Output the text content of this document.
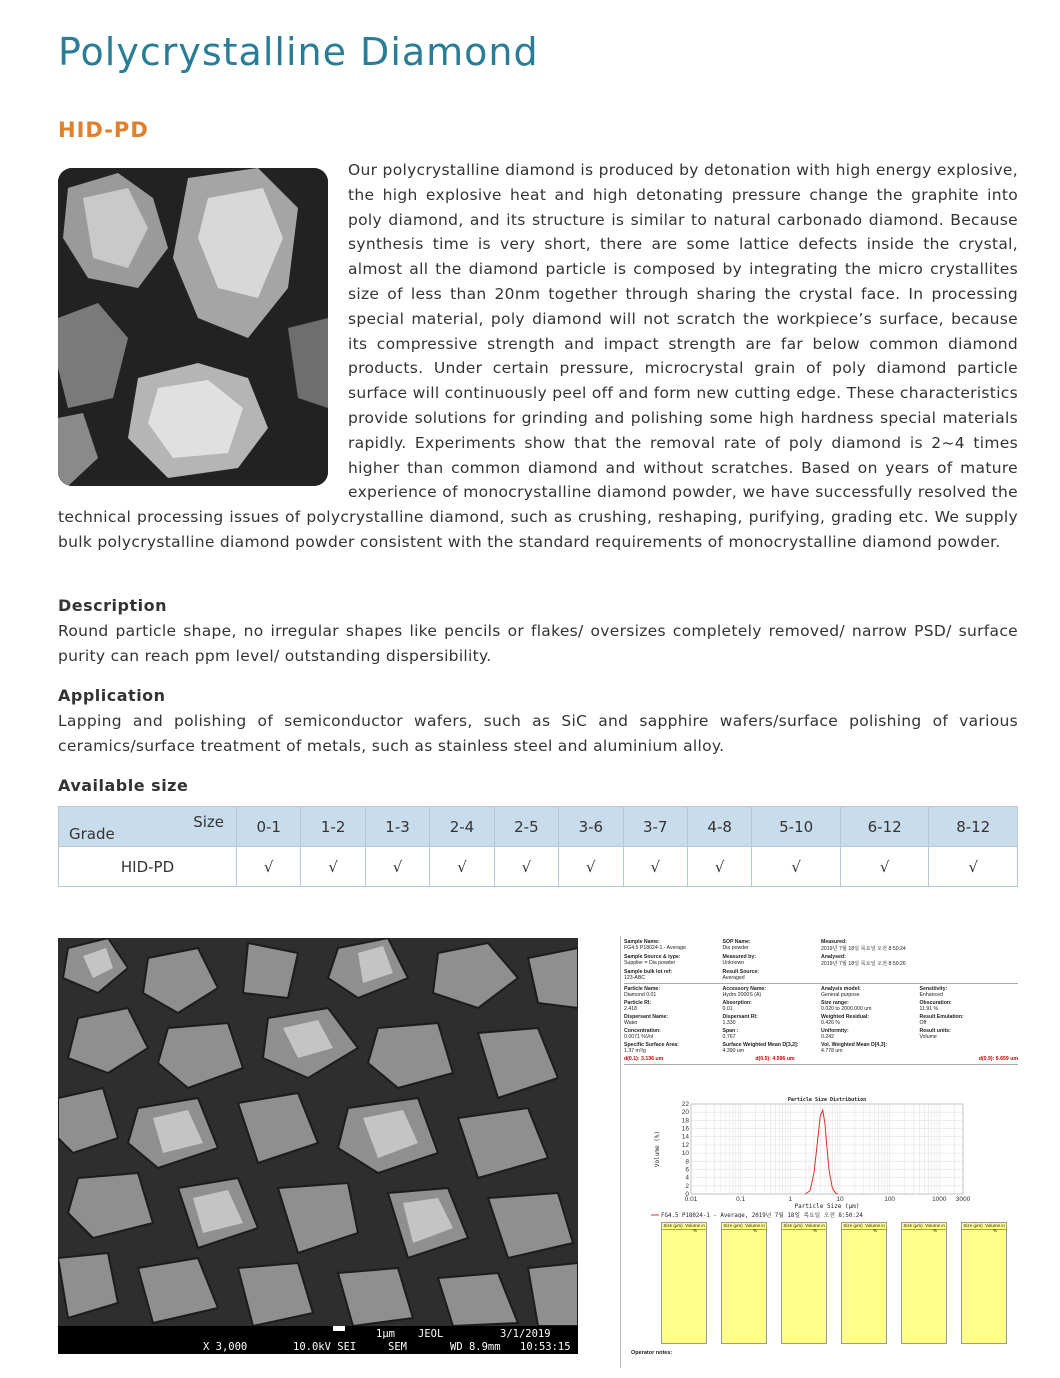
Polycrystalline Diamond
HID-PD
Our polycrystalline diamond is produced by detonation with high energy explosive, the high explosive heat and high detonating pressure change the graphite into poly diamond, and its structure is similar to natural carbonado diamond. Because synthesis time is very short, there are some lattice defects inside the crystal, almost all the diamond particle is composed by integrating the micro crystallites size of less than 20nm together through sharing the crystal face. In processing special material, poly diamond will not scratch the workpiece’s surface, because its compressive strength and impact strength are far below common diamond products. Under certain pressure, microcrystal grain of poly diamond particle surface will continuously peel off and form new cutting edge. These characteristics provide solutions for grinding and polishing some high hardness special materials rapidly. Experiments show that the removal rate of poly diamond is 2~4 times higher than common diamond and without scratches. Based on years of mature experience of monocrystalline diamond powder, we have successfully resolved the technical processing issues of polycrystalline diamond, such as crushing, reshaping, purifying, grading etc. We supply bulk polycrystalline diamond powder consistent with the standard requirements of monocrystalline diamond powder.
Description
Round particle shape, no irregular shapes like pencils or flakes/ oversizes completely removed/ narrow PSD/ surface purity can reach ppm level/ outstanding dispersibility.
Application
Lapping and polishing of semiconductor wafers, such as SiC and sapphire wafers/surface polishing of various ceramics/surface treatment of metals, such as stainless steel and aluminium alloy.
Available size
Size
Grade	0-1	1-2	1-3	2-4	2-5	3-6	3-7	4-8	5-10	6-12	8-12
HID-PD	√	√	√	√	√	√	√	√	√	√	√
1μm JEOL	3/1/2019
X 3,000	10.0kV SEI	SEM	WD 8.9mm 10:53:15
Sample Name:
FG4.5 P18024-1 - Average
SOP Name:
Dia powder
Measured:
2019년 7월 18일 목요일 오전 8:50:24
Sample Source & type:
Supplier = Dia powder
Measured by:
Unknown
Analysed:
2019년 7월 18일 목요일 오전 8:50:26
Sample bulk lot ref:
123-ABC
Result Source:
Averaged
Particle Name:
Diamond 0.01
Accessory Name:
Hydro 2000S (A)
Analysis model:
General purpose
Sensitivity:
Enhanced
Particle RI:
2.418
Absorption:
0.01
Size range:
0.020 to 2000.000 um
Obscuration:
11.91 %
Dispersant Name:
Water
Dispersant RI:
1.330
Weighted Residual:
0.426 %
Result Emulation:
Off
Concentration:
0.0071 %Vol
Span :
0.767
Uniformity:
0.242
Result units:
Volume
Specific Surface Area:
1.37 m²/g
Surface Weighted Mean D[3,2]:
4.390 um
Vol. Weighted Mean D[4,3]:
4.778 um
d(0.1): 3.136 um	d(0.5): 4.596 um	d(0.9): 6.659 um
0
2
4
6
8
10
12
14
16
18
20
22
0.01	0.1	1	10	100	1000 3000
Particle Size Distribution
Particle Size (μm)
Volume (%)
FG4.5 P18024-1 - Average, 2019년 7월 18일 목요일 오전 8:50:24
Size (μm) Volume in %
Size (μm) Volume in %
Size (μm) Volume in %
Size (μm) Volume in %
Size (μm) Volume in %
Size (μm) Volume in %
Operator notes:
